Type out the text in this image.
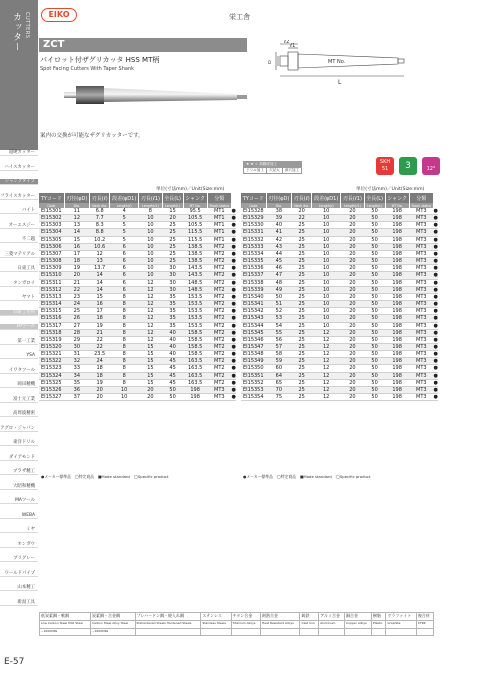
カッター CUTTERS
超硬カッター
ハイスカッター
シャンクタイプ
フライスカッター
バイト
オーエスジー
不二越
三菱マテリアル
日東工具
タンガロイ
ヤマト
日研工作所
FPツール
第一工業
YSA
イワタツール
岡田精機
富士元工業
高周波精密
アグロ・ジャパン
東洋ドリル
ダイアモンド
ブラザ精工
大昭和精機
MAツール
WEBA
ミヤ
オンガウ
ブリグレー
ワールドパイプ
山本精工
新潟工具
E-57
EIKO	栄工舎
ZCT
パイロット付ザグリカッタ HSS MT柄
Spot Facing Cutters With Taper Shank
MT No.
L
ℓ1
ℓ2
D
案内の交換が可能なザグリカッターです。
★ ★ ☆ 高精度加工
ドリル加工	穴径大	深穴加工
SKH
51	3	12°
単位(寸法mm)／Unit(Size:mm)	単位(寸法mm)／Unit(Size:mm)
TYコード	刃径(φD)	刃長(ℓ)	段差(φD1)	刃長(ℓ1)	全長(L)	シャンク	分類	
Code	Dia.	Neck dia.	Length(ℓ)	Length(ℓ1)	Length(L)	MT No.	Stock status	
EI15301	11	6.8	4	8	15	95.5	MT1	●
EI15302	12	7.7	5	10	20	105.5	MT1	●
EI15303	13	8.3	5	10	25	105.5	MT1	●
EI15304	14	8.8	5	10	25	115.5	MT1	●
EI15305	15	10.2	5	10	25	115.5	MT1	●
EI15306	16	10.6	6	10	25	138.5	MT2	●
EI15307	17	12	6	10	25	138.5	MT2	●
EI15308	18	13	6	10	25	138.5	MT2	●
EI15309	19	13.7	6	10	30	143.5	MT2	●
EI15310	20	14	6	10	30	143.5	MT2	●
EI15311	21	14	6	12	30	148.5	MT2	●
EI15312	22	14	6	12	30	148.5	MT2	●
EI15313	23	15	8	12	35	153.5	MT2	●
EI15314	24	16	8	12	35	153.5	MT2	●
EI15315	25	17	8	12	35	153.5	MT2	●
EI15316	26	18	8	12	35	153.5	MT2	●
EI15317	27	19	8	12	35	153.5	MT2	●
EI15318	28	21	8	12	40	158.5	MT2	●
EI15319	29	22	8	12	40	158.5	MT2	●
EI15320	30	22	8	15	40	158.5	MT2	●
EI15321	31	23.5	8	15	40	158.5	MT2	●
EI15322	32	24	8	15	45	163.5	MT2	●
EI15323	33	18	8	15	45	163.5	MT2	●
EI15324	34	18	8	15	45	163.5	MT2	●
EI15325	35	19	8	15	45	163.5	MT2	●
EI15326	36	20	10	20	50	198	MT3	●
EI15327	37	20	10	20	50	198	MT3	●
TYコード	刃径(φD)	刃長(ℓ)	段差(φD1)	刃長(ℓ1)	全長(L)	シャンク	分類	
Code	Dia.	Neck dia.	Length(ℓ)	Length(ℓ1)	Length(L)	MT No.	Stock status	
EI15328	38	20	10	20	50	198	MT3	●
EI15329	39	22	10	20	50	198	MT3	●
EI15330	40	25	10	20	50	198	MT3	●
EI15331	41	25	10	20	50	198	MT3	●
EI15332	42	25	10	20	50	198	MT3	●
EI15333	43	25	10	20	50	198	MT3	●
EI15334	44	25	10	20	50	198	MT3	●
EI15335	45	25	10	20	50	198	MT3	●
EI15336	46	25	10	20	50	198	MT3	●
EI15337	47	25	10	20	50	198	MT3	●
EI15338	48	25	10	20	50	198	MT3	●
EI15339	49	25	10	20	50	198	MT3	●
EI15340	50	25	10	20	50	198	MT3	●
EI15341	51	25	10	20	50	198	MT3	●
EI15342	52	25	10	20	50	198	MT3	●
EI15343	53	25	10	20	50	198	MT3	●
EI15344	54	25	10	20	50	198	MT3	●
EI15345	55	25	12	20	50	198	MT3	●
EI15346	56	25	12	20	50	198	MT3	●
EI15347	57	25	12	20	50	198	MT3	●
EI15348	58	25	12	20	50	198	MT3	●
EI15349	59	25	12	20	50	198	MT3	●
EI15350	60	25	12	20	50	198	MT3	●
EI15351	64	25	12	20	50	198	MT3	●
EI15352	65	25	12	20	50	198	MT3	●
EI15353	70	25	12	20	50	198	MT3	●
EI15354	75	25	12	20	50	198	MT3	●
●メーカー標準品　◯特定商品　■Made standard　◯Specific product	●メーカー標準品　◯特定商品　■Made standard　◯Specific product
低炭素鋼・軟鋼	炭素鋼・合金鋼	プレハードン鋼・焼入れ鋼	ステンレス	チタン合金	耐熱合金	鋳鉄	アルミ合金	銅合金	樹脂	グラファイト	複合材
Low Carbon Steel Mild Steel	Carbon Steel Alloy Steel	Prehardened Steels Hardened Steels	Stainless Steels	Titanium Alloys	Heat Resistant Alloys	Cast Iron	Aluminum	Copper Alloys	Plastic	Graphite	CFRP
~1000MPa	~1600MPa										
